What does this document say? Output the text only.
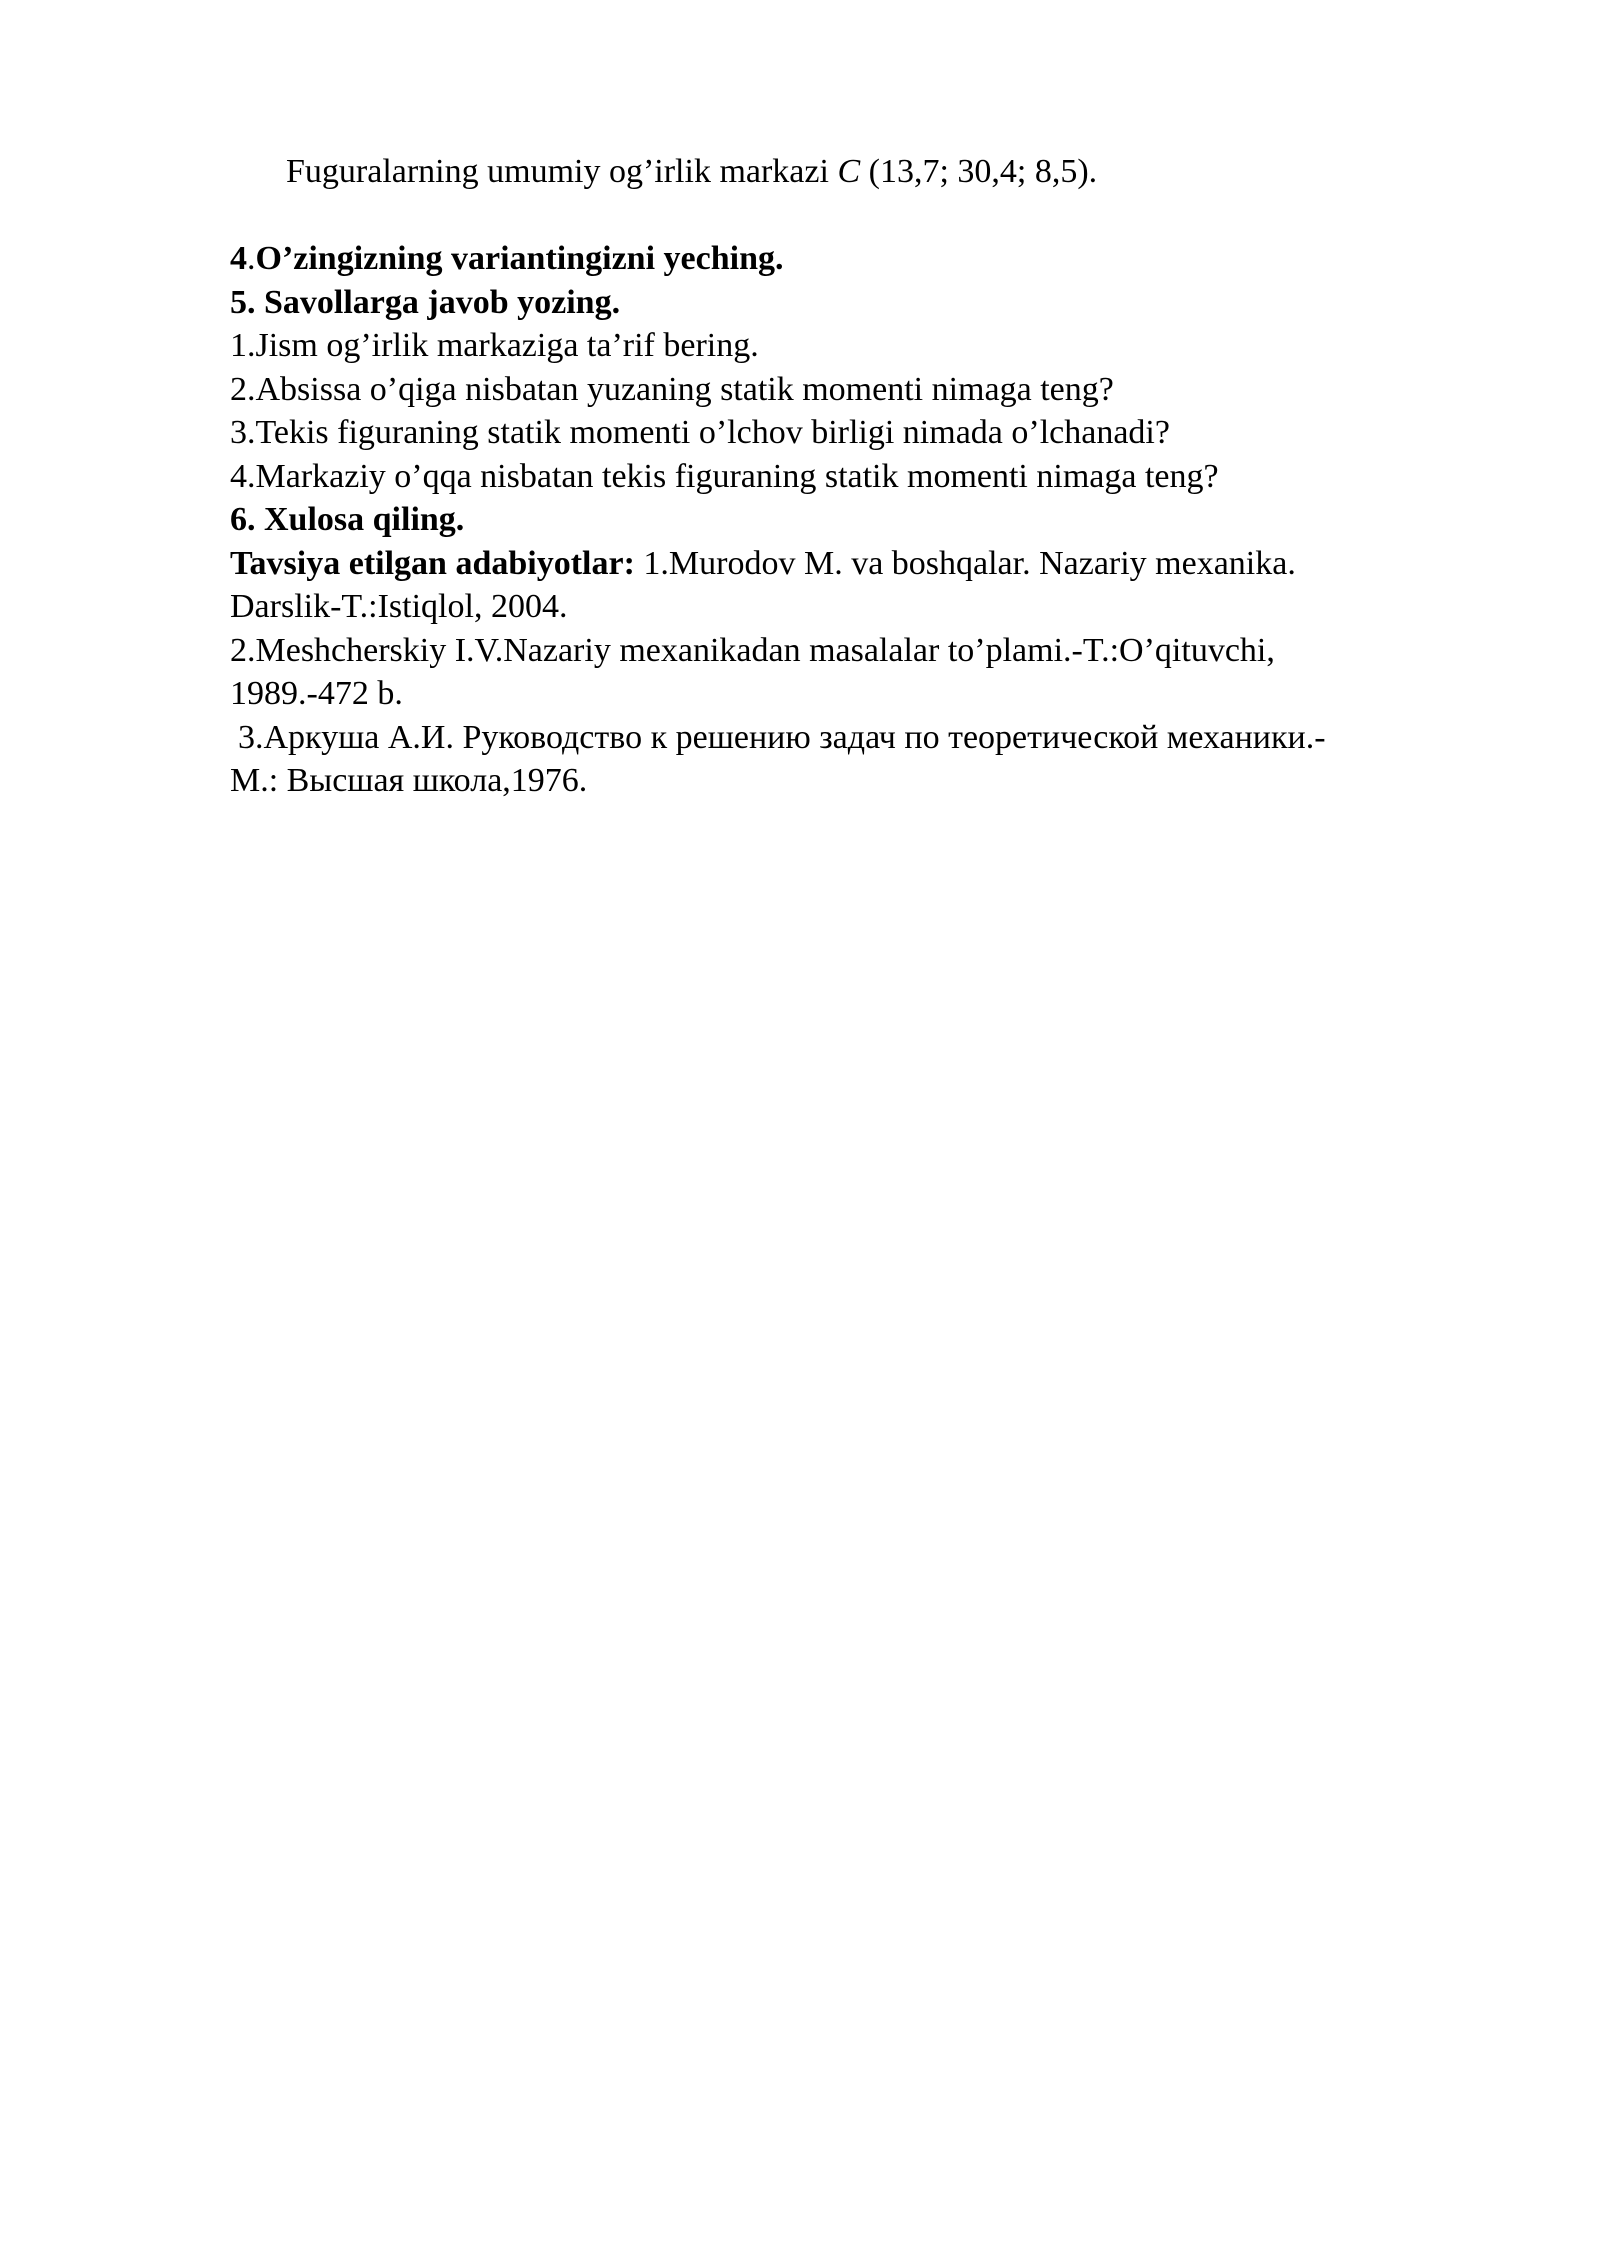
Fuguralarning umumiy og’irlik markazi C (13,7; 30,4; 8,5).
4.O’zingizning variantingizni yeching.
5. Savollarga javob yozing.
1.Jism og’irlik markaziga ta’rif bering.
2.Absissa o’qiga nisbatan yuzaning statik momenti nimaga teng?
3.Tekis figuraning statik momenti o’lchov birligi nimada o’lchanadi?
4.Markaziy o’qqa nisbatan tekis figuraning statik momenti nimaga teng?
6. Xulosa qiling.
Tavsiya etilgan adabiyotlar: 1.Murodov M. va boshqalar. Nazariy mexanika.
Darslik-T.:Istiqlol, 2004.
2.Meshcherskiy I.V.Nazariy mexanikadan masalalar to’plami.-T.:O’qituvchi,
1989.-472 b.
3.Аркуша А.И. Руководство к решению задач по теоретической механики.-
М.: Высшая школа,1976.
